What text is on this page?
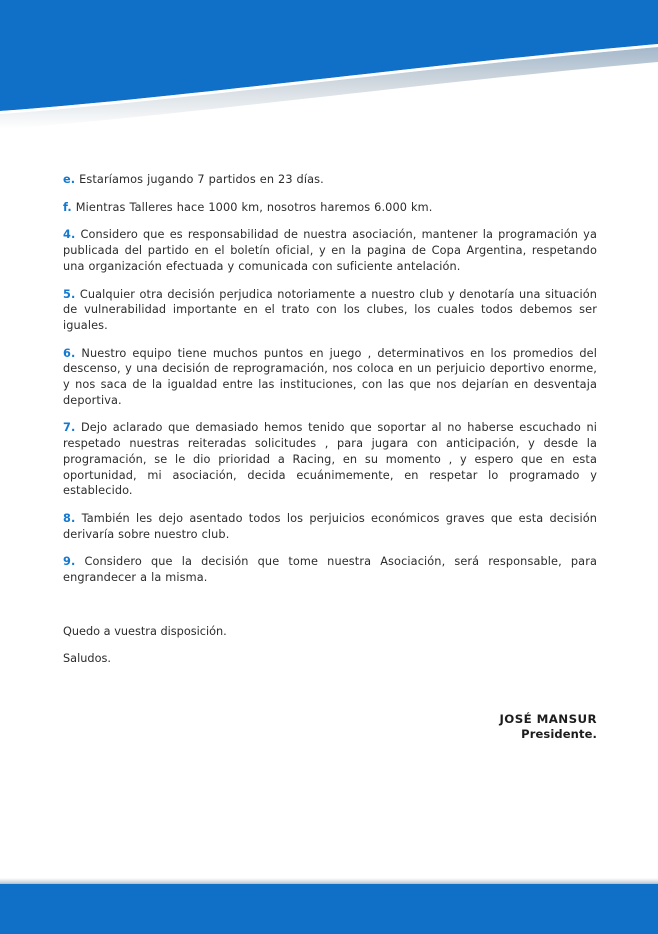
e. Estaríamos jugando 7 partidos en 23 días.

f. Mientras Talleres hace 1000 km, nosotros haremos 6.000 km.

4. Considero que es responsabilidad de nuestra asociación, mantener la programación ya publicada del partido en el boletín oficial, y en la pagina de Copa Argentina, respetando una organización efectuada y comunicada con suficiente antelación.

5. Cualquier otra decisión perjudica notoriamente a nuestro club y denotaría una situación de vulnerabilidad importante en el trato con los clubes, los cuales todos debemos ser iguales.

6. Nuestro equipo tiene muchos puntos en juego , determinativos en los promedios del descenso, y una decisión de reprogramación, nos coloca en un perjuicio deportivo enorme, y nos saca de la igualdad entre las instituciones, con las que nos dejarían en desventaja deportiva.

7. Dejo aclarado que demasiado hemos tenido que soportar al no haberse escuchado ni respetado nuestras reiteradas solicitudes , para jugara con anticipación, y desde la programación, se le dio prioridad a Racing, en su momento , y espero que en esta oportunidad, mi asociación, decida ecuánimemente, en respetar lo programado y establecido.

8. También les dejo asentado todos los perjuicios económicos graves que esta decisión derivaría sobre nuestro club.

9. Considero que la decisión que tome nuestra Asociación, será responsable, para engrandecer a la misma.

Quedo a vuestra disposición.

Saludos.

JOSÉ MANSUR
Presidente.
